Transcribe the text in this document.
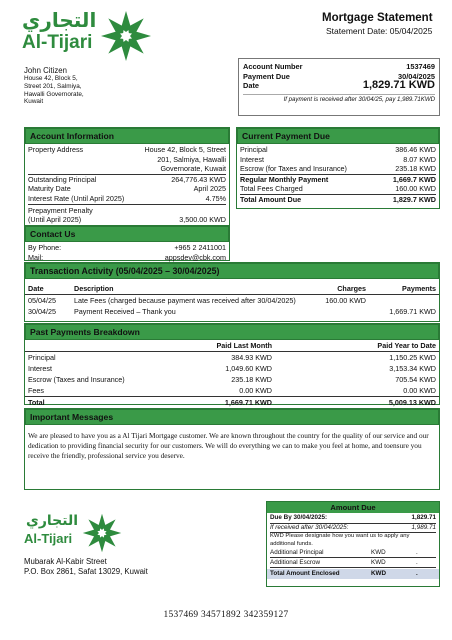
التجاري
Al-Tijari
Mortgage Statement
Statement Date: 05/04/2025
John Citizen
House 42, Block 5,
Street 201, Salmiya,
Hawalli Governorate,
Kuwait
Account Number	1537469
Payment Due	30/04/2025
Date	1,829.71 KWD
If payment is received after 30/04/25, pay 1,989.71KWD
Account Information
Property Address	House 42, Block 5, Street
201, Salmiya, Hawalli
Governorate, Kuwait
Outstanding Principal	264,776.43 KWD
Maturity Date	April 2025
Interest Rate (Until April 2025)	4.75%
Prepayment Penalty
(Until April 2025)	3,500.00 KWD
Current Payment Due
Principal	386.46 KWD
Interest	8.07 KWD
Escrow (for Taxes and Insurance)	235.18 KWD
Regular Monthly Payment	1,669.7 KWD
Total Fees Charged	160.00 KWD
Total Amount Due	1,829.7 KWD
Contact Us
By Phone:	+965 2 2411001
Mail:	appsdev@cbk.com
Transaction Activity (05/04/2025 – 30/04/2025)
Date	Description	Charges	Payments
05/04/25	Late Fees (charged because payment was received after 30/04/2025)	160.00 KWD	
30/04/25	Payment Received – Thank you		1,669.71 KWD
Past Payments Breakdown
	Paid Last Month	Paid Year to Date
Principal	384.93 KWD	1,150.25 KWD
Interest	1,049.60 KWD	3,153.34 KWD
Escrow (Taxes and Insurance)	235.18 KWD	705.54 KWD
Fees	0.00 KWD	0.00 KWD
Total	1,669.71 KWD	5,009.13 KWD
Important Messages
We are pleased to have you as a Al Tijari Mortgage customer. We are known throughout the country for the quality of our service and our dedication to providing financial security for our customers. We will do everything we can to make you feel at home, and toensure you receive the friendly, professional service you deserve.
التجاري
Al-Tijari
Mubarak Al-Kabir Street
P.O. Box 2861, Safat 13029, Kuwait
Amount Due
Due By 30/04/2025:	1,829.71
If received after 30/04/2025:	1,989.71
KWD Please designate how you want us to apply any additional funds.
Additional Principal	KWD	.
Additional Escrow	KWD	.
Total Amount Enclosed	KWD	.
1537469 34571892 342359127
